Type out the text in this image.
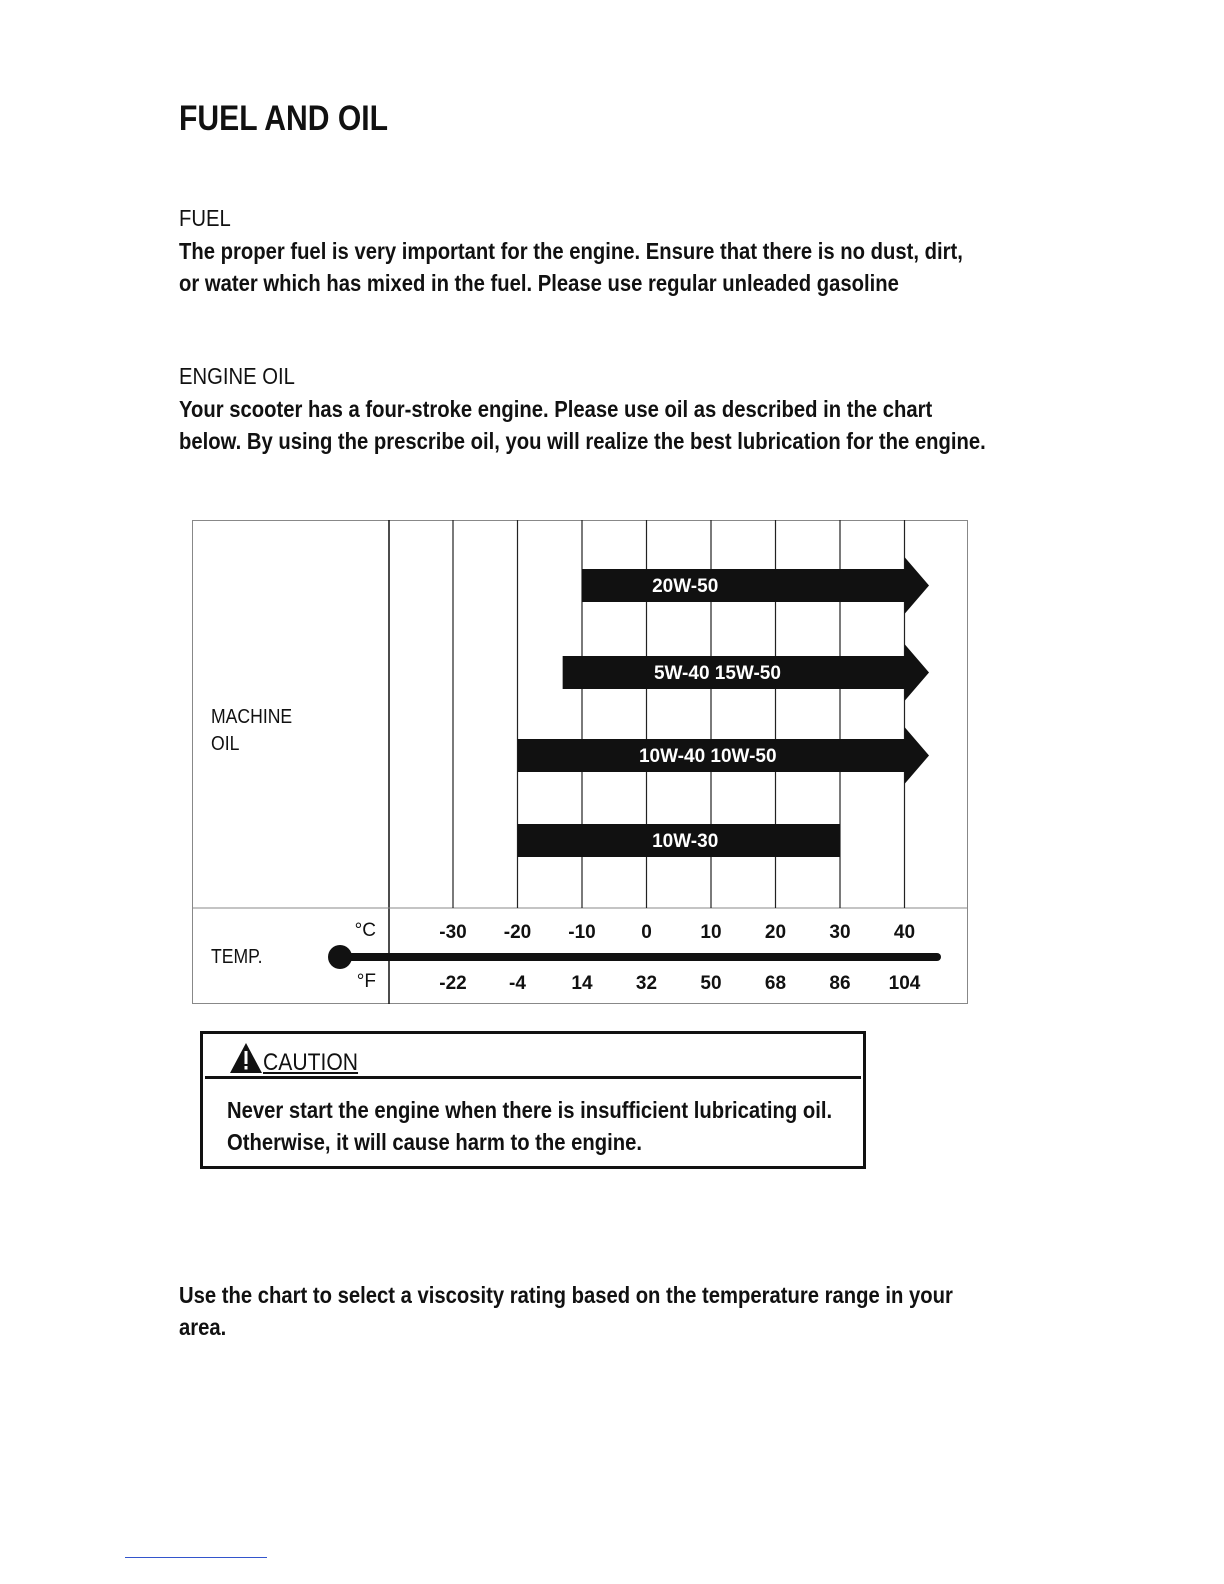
FUEL AND OIL
FUEL
The proper fuel is very important for the engine. Ensure that there is no dust, dirt, or water which has mixed in the fuel. Please use regular unleaded gasoline
ENGINE OIL
Your scooter has a four-stroke engine. Please use oil as described in the chart below. By using the prescribe oil, you will realize the best lubrication for the engine.
20W-50
5W-40 15W-50
10W-40 10W-50
10W-30
-30 -20 -10 0	10 20 30 40
-22 -4 14 32 50 68 86 104
MACHINE OIL
TEMP.
°C
°F
CAUTION
Never start the engine when there is insufficient lubricating oil. Otherwise, it will cause harm to the engine.
Use the chart to select a viscosity rating based on the temperature range in your area.
